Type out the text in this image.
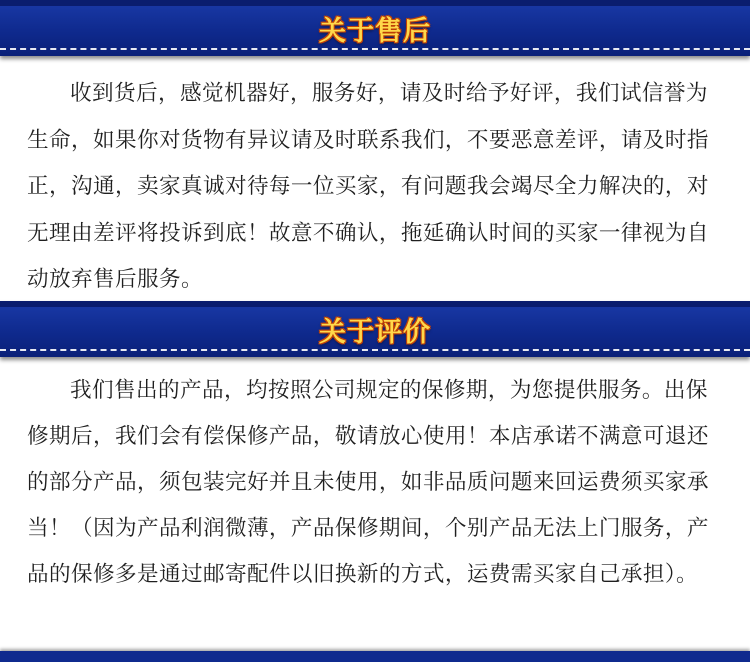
关于售后

收到货后，感觉机器好，服务好，请及时给予好评，我们试信誉为生命，如果你对货物有异议请及时联系我们，不要恶意差评，请及时指正，沟通，卖家真诚对待每一位买家，有问题我会竭尽全力解决的，对无理由差评将投诉到底！故意不确认，拖延确认时间的买家一律视为自动放弃售后服务。

关于评价

我们售出的产品，均按照公司规定的保修期，为您提供服务。出保修期后，我们会有偿保修产品，敬请放心使用！本店承诺不满意可退还的部分产品，须包装完好并且未使用，如非品质问题来回运费须买家承当！（因为产品利润微薄，产品保修期间，个别产品无法上门服务，产品的保修多是通过邮寄配件以旧换新的方式，运费需买家自己承担）。
